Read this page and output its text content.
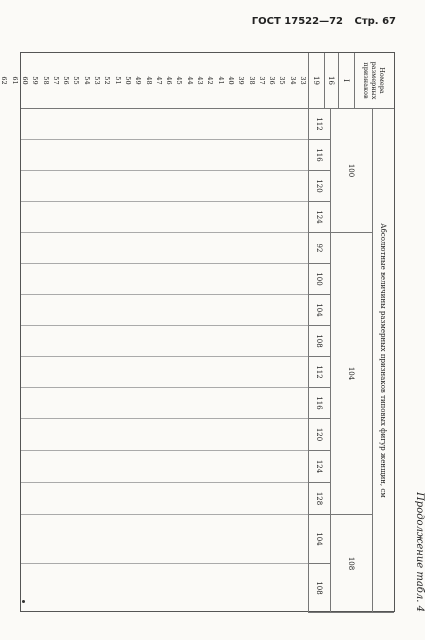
ГОСТ 17522—72 Стр. 67
Продолжение табл. 4
Номера размерных признаков
Абсолютные величины размерных признаков типовых фигур женщин, см
I
16
19
100
104
108
112
116
120
124
92
100
104
108
112
116
120
124
128
104
108
33
34
35
36
37
38
39
40
41
42
43
44
45
46
47
48
49
50
51
52
53
54
55
56
57
58
59
60
61
62
